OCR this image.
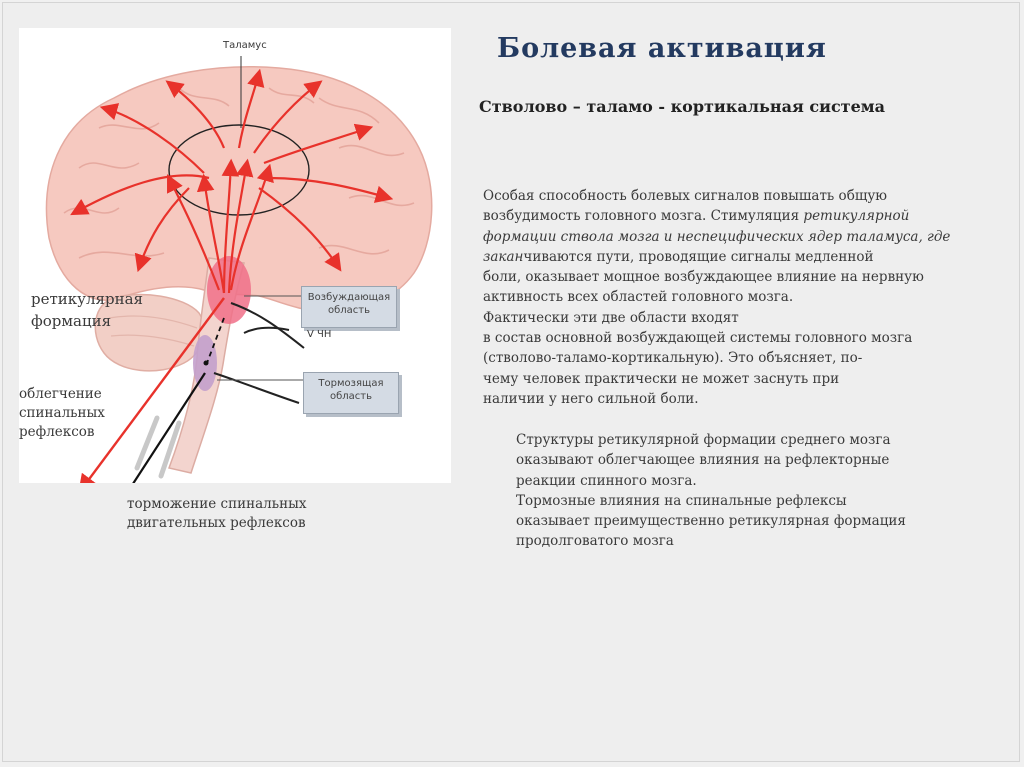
Таламус
Возбуждающая
область
V ЧН
Тормозящая
область
ретикулярная
формация
облегчение
спинальных
рефлексов
торможение спинальных
двигательных рефлексов
Болевая активация
Стволово – таламо - кортикальная система
Особая способность болевых сигналов повышать общую
возбудимость головного мозга. Стимуляция ретикулярной
формации ствола мозга и неспецифических ядер таламуса, где
заканчиваются пути, проводящие сигналы медленной
боли, оказывает мощное возбуждающее влияние на нервную
активность всех областей головного мозга.
Фактически эти две области входят
в состав основной возбуждающей системы головного мозга
(стволово-таламо-кортикальную). Это объясняет, по-
чему человек практически не может заснуть при
наличии у него сильной боли.
Структуры ретикулярной формации среднего мозга
оказывают облегчающее влияния на рефлекторные
реакции спинного мозга.
Тормозные влияния на спинальные рефлексы
оказывает преимущественно ретикулярная формация
продолговатого мозга
